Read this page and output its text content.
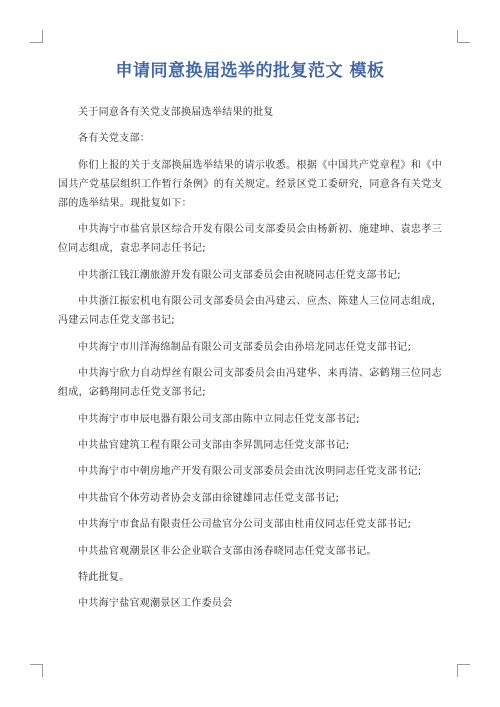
申请同意换届选举的批复范文 模板

关于同意各有关党支部换届选举结果的批复

各有关党支部：

你们上报的关于支部换届选举结果的请示收悉。根据《中国共产党章程》和《中国共产党基层组织工作暂行条例》的有关规定。经景区党工委研究，同意各有关党支部的选举结果。现批复如下：

中共海宁市盐官景区综合开发有限公司支部委员会由杨新初、施建坤、袁忠孝三位同志组成，袁忠孝同志任书记;

中共浙江钱江潮旅游开发有限公司支部委员会由祝晓同志任党支部书记;

中共浙江振宏机电有限公司支部委员会由冯建云、应杰、陈建人三位同志组成，冯建云同志任党支部书记;

中共海宁市川洋海绵制品有限公司支部委员会由孙培龙同志任党支部书记;

中共海宁欣力自动焊丝有限公司支部委员会由冯建华、来再清、宓鹤翔三位同志组成，宓鹤翔同志任党支部书记;

中共海宁市申辰电器有限公司支部由陈中立同志任党支部书记;

中共盐官建筑工程有限公司支部由李昇凯同志任党支部书记;

中共海宁市中朝房地产开发有限公司支部委员会由沈汝明同志任党支部书记;

中共盐官个体劳动者协会支部由徐键雄同志任党支部书记;

中共海宁市食品有限责任公司盐官分公司支部由杜甫仪同志任党支部书记;

中共盐官观潮景区非公企业联合支部由汤春晓同志任党支部书记。

特此批复。

中共海宁盐官观潮景区工作委员会
